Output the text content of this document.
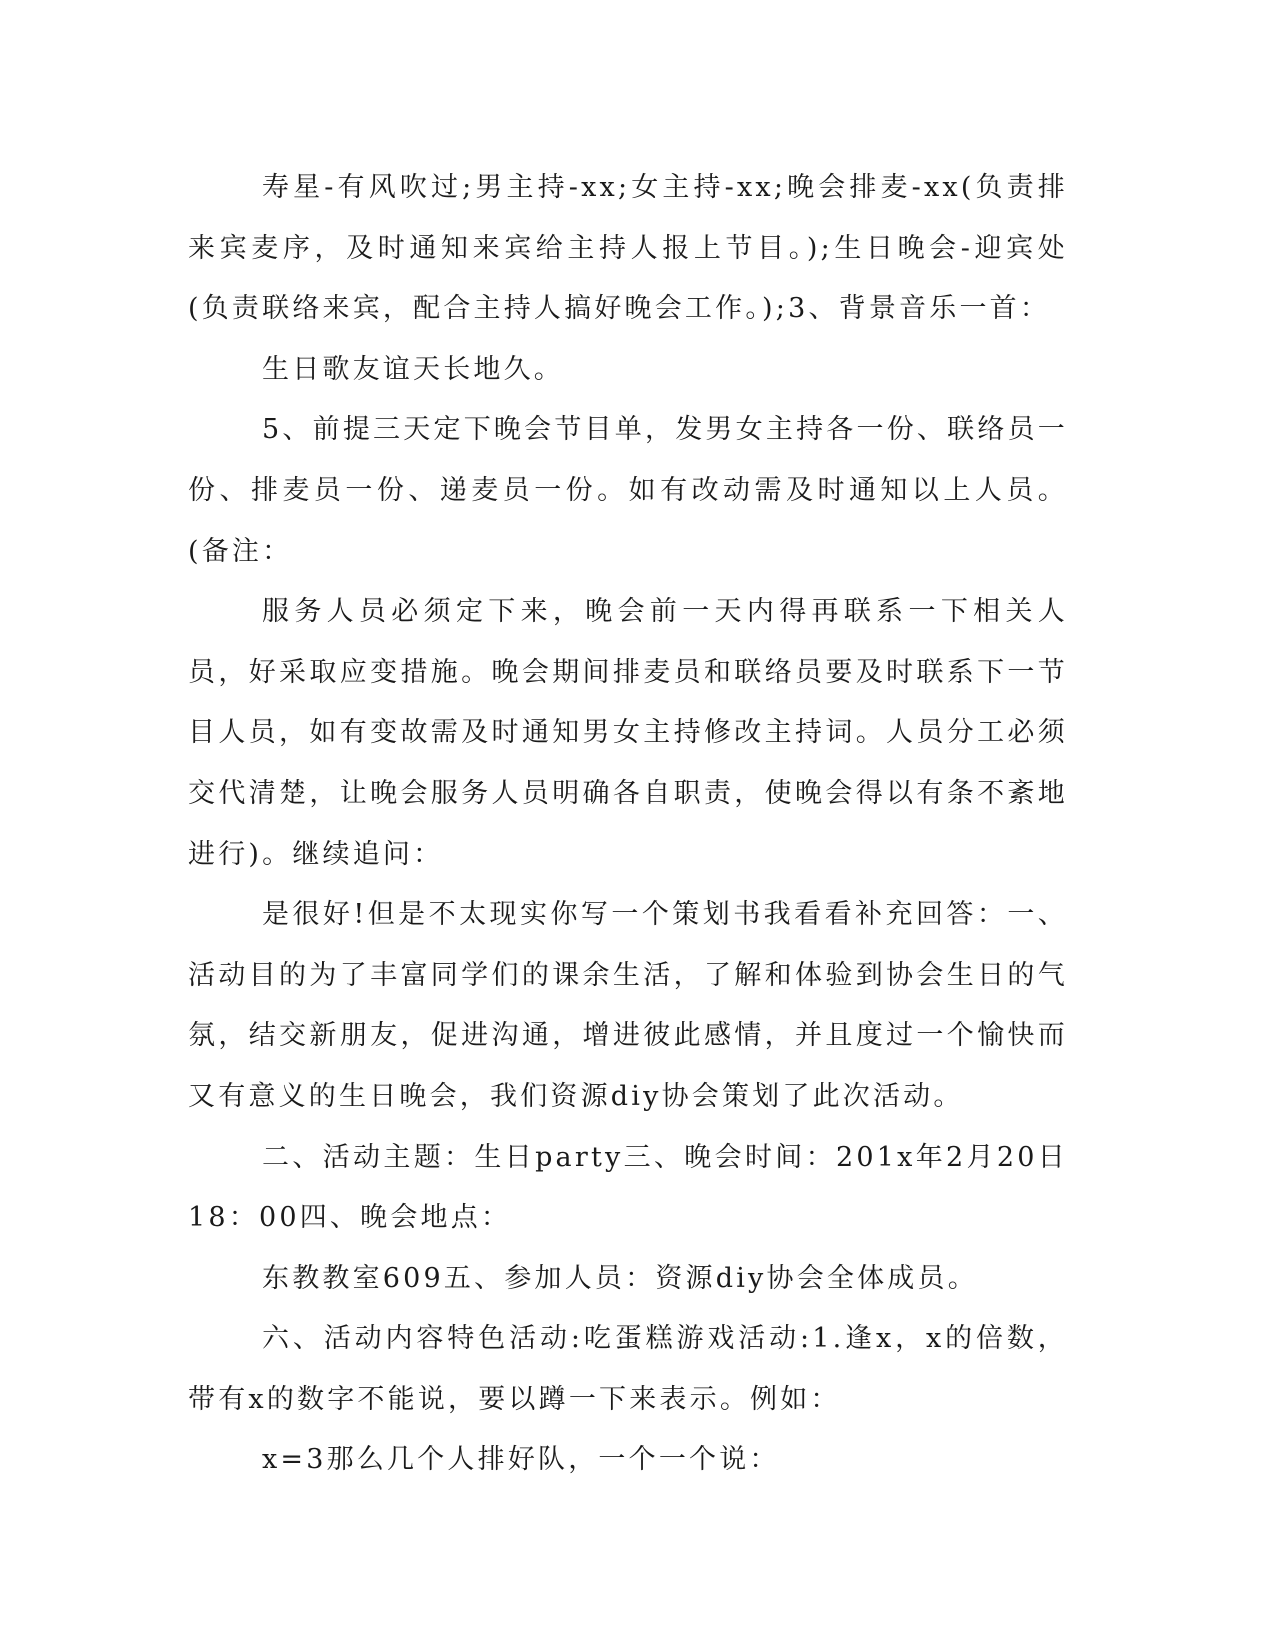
寿星-有风吹过;男主持-xx;女主持-xx;晚会排麦-xx(负责排来宾麦序，及时通知来宾给主持人报上节目。);生日晚会-迎宾处(负责联络来宾，配合主持人搞好晚会工作。);3、背景音乐一首：

生日歌友谊天长地久。

5、前提三天定下晚会节目单，发男女主持各一份、联络员一份、排麦员一份、递麦员一份。如有改动需及时通知以上人员。(备注：

服务人员必须定下来，晚会前一天内得再联系一下相关人员，好采取应变措施。晚会期间排麦员和联络员要及时联系下一节目人员，如有变故需及时通知男女主持修改主持词。人员分工必须交代清楚，让晚会服务人员明确各自职责，使晚会得以有条不紊地进行)。继续追问：

是很好!但是不太现实你写一个策划书我看看补充回答：一、活动目的为了丰富同学们的课余生活，了解和体验到协会生日的气氛，结交新朋友，促进沟通，增进彼此感情，并且度过一个愉快而又有意义的生日晚会，我们资源diy协会策划了此次活动。

二、活动主题：生日party三、晚会时间：201x年2月20日18：00四、晚会地点：

东教教室609五、参加人员：资源diy协会全体成员。

六、活动内容特色活动:吃蛋糕游戏活动:1.逢x，x的倍数，带有x的数字不能说，要以蹲一下来表示。例如：

x=3那么几个人排好队，一个一个说：
